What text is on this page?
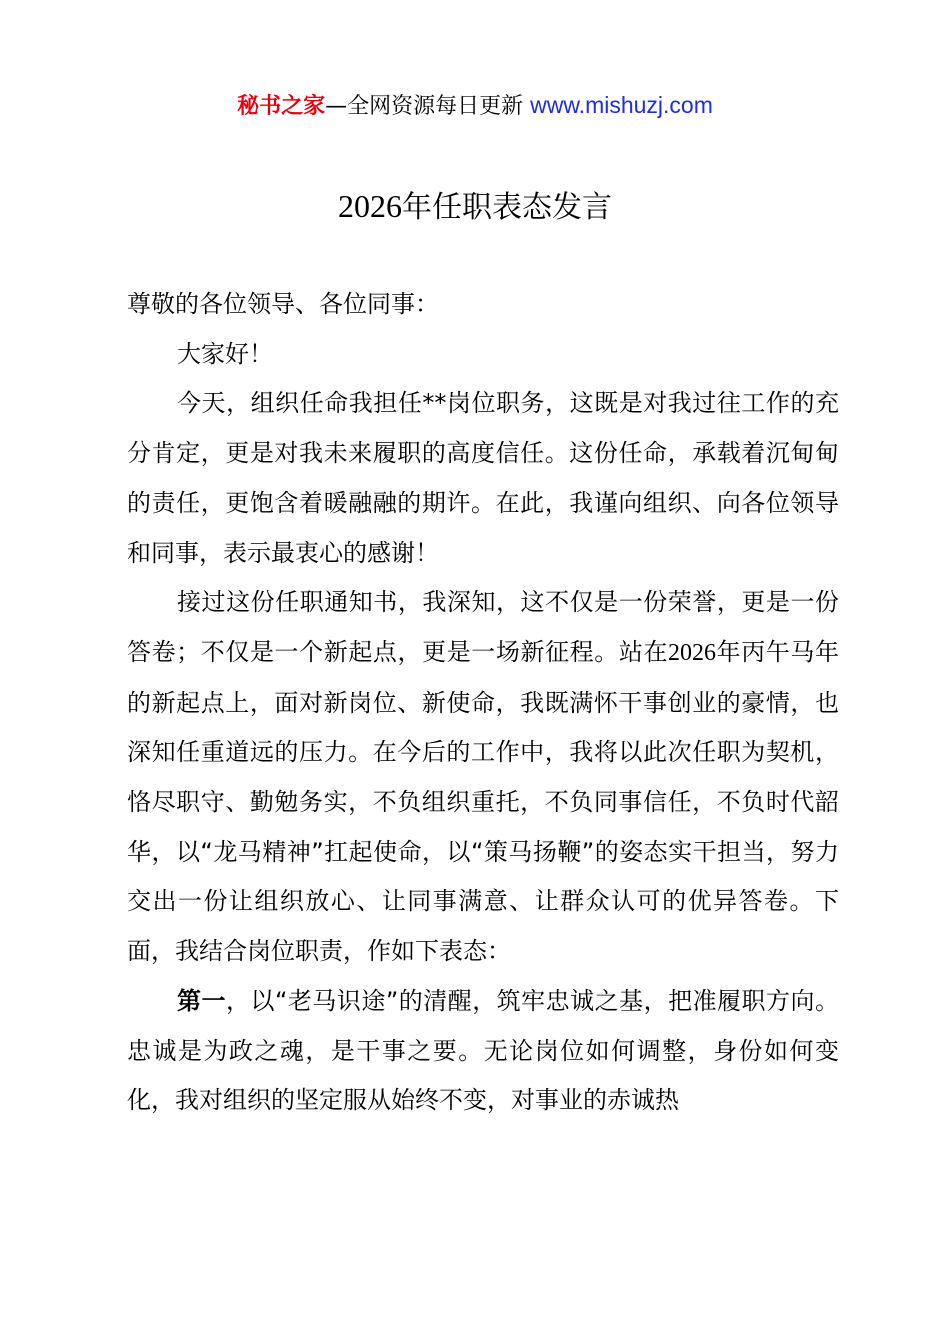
秘书之家—全网资源每日更新 www.mishuzj.com
2026年任职表态发言

尊敬的各位领导、各位同事：

大家好！

今天，组织任命我担任**岗位职务，这既是对我过往工作的充分肯定，更是对我未来履职的高度信任。这份任命，承载着沉甸甸的责任，更饱含着暖融融的期许。在此，我谨向组织、向各位领导和同事，表示最衷心的感谢！

接过这份任职通知书，我深知，这不仅是一份荣誉，更是一份答卷；不仅是一个新起点，更是一场新征程。站在2026年丙午马年的新起点上，面对新岗位、新使命，我既满怀干事创业的豪情，也深知任重道远的压力。在今后的工作中，我将以此次任职为契机，恪尽职守、勤勉务实，不负组织重托，不负同事信任，不负时代韶华，以“龙马精神”扛起使命，以“策马扬鞭”的姿态实干担当，努力交出一份让组织放心、让同事满意、让群众认可的优异答卷。下面，我结合岗位职责，作如下表态：

第一，以“老马识途”的清醒，筑牢忠诚之基，把准履职方向。忠诚是为政之魂，是干事之要。无论岗位如何调整，身份如何变化，我对组织的坚定服从始终不变，对事业的赤诚热
